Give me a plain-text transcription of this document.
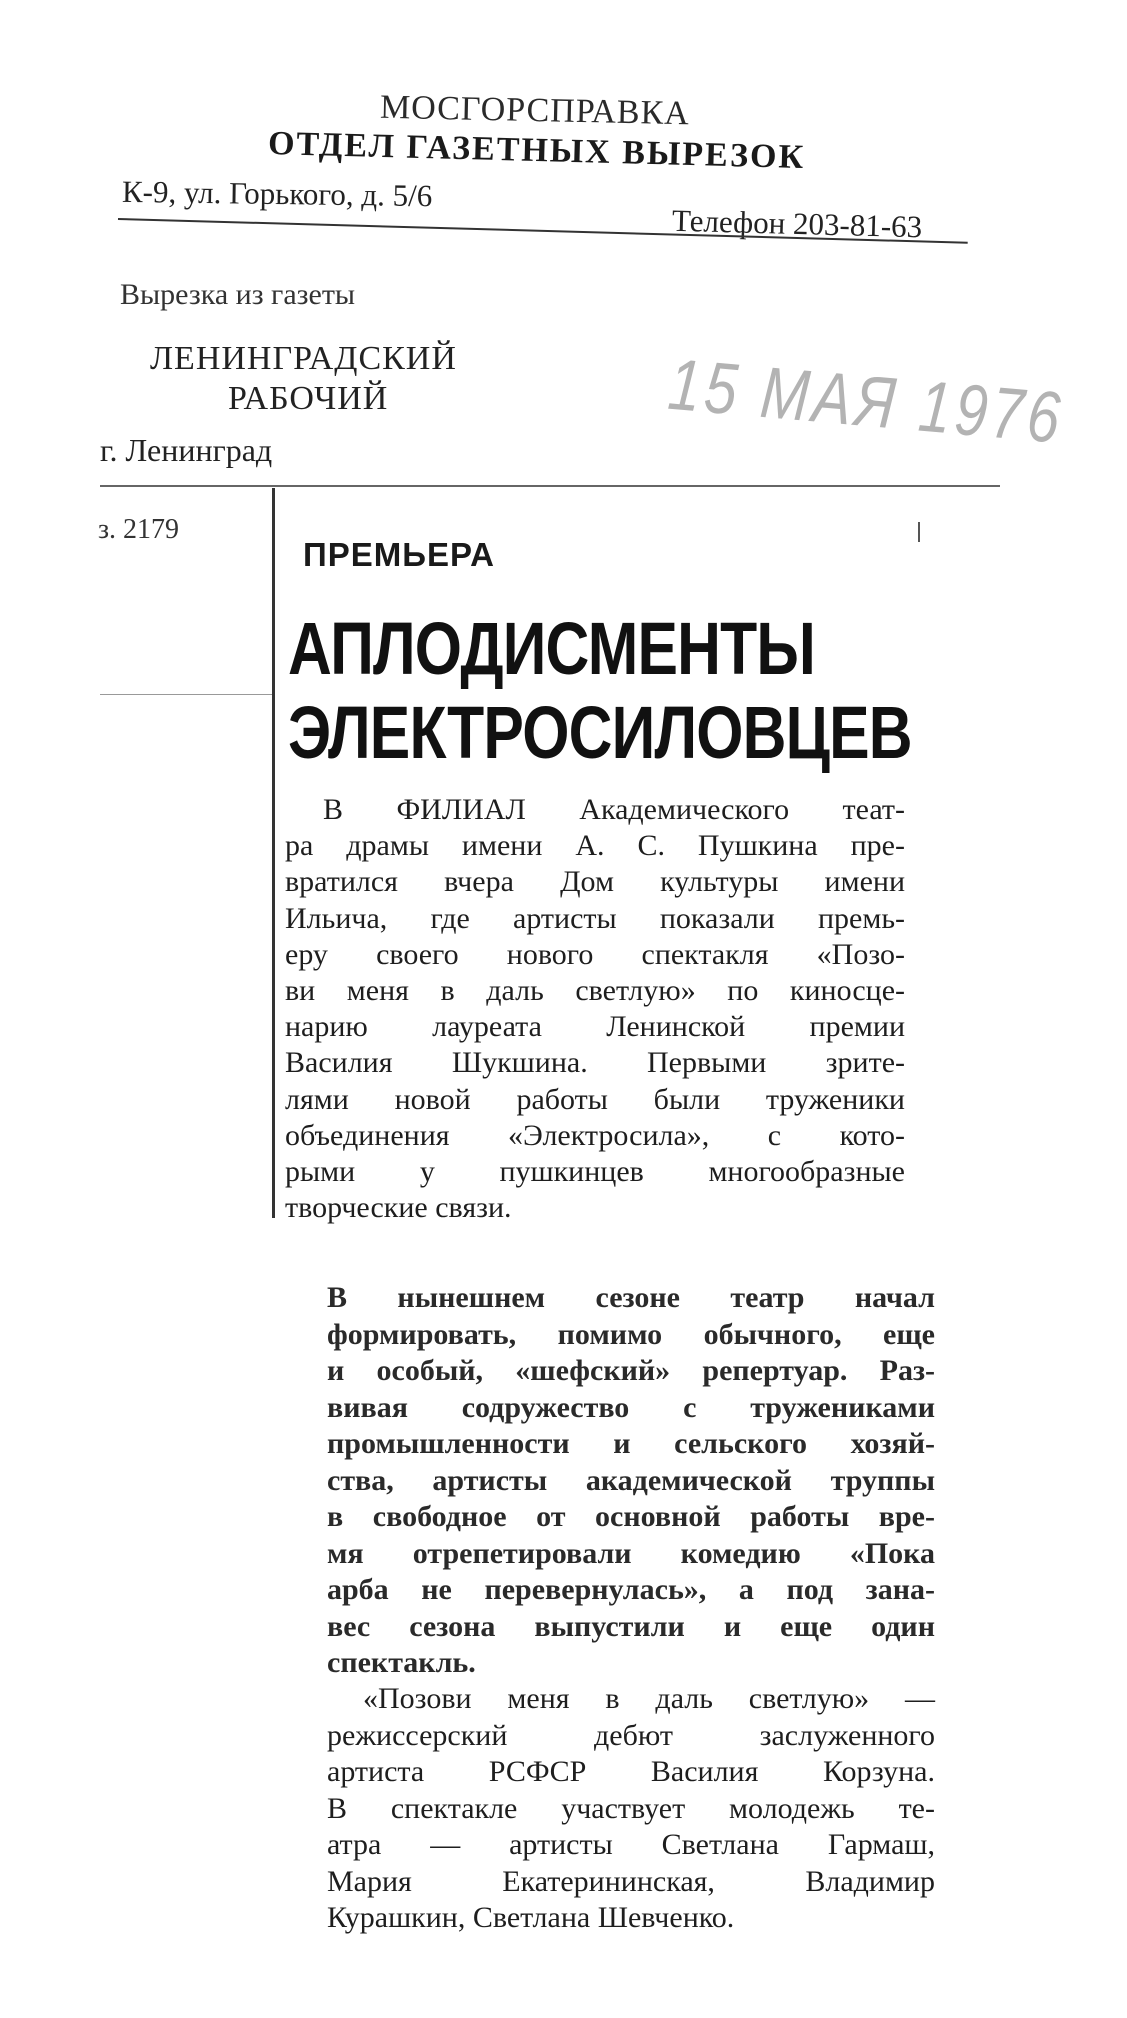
МОСГОРСПРАВКА
ОТДЕЛ ГАЗЕТНЫХ ВЫРЕЗОК
К-9, ул. Горького, д. 5/6
Телефон 203-81-63
Вырезка из газеты
ЛЕНИНГРАДСКИЙ
РАБОЧИЙ
г. Ленинград	15 МАЯ 1976
з. 2179
ПРЕМЬЕРА
АПЛОДИСМЕНТЫ
ЭЛЕКТРОСИЛОВЦЕВ
В ФИЛИАЛ Академического теат-
ра драмы имени А. С. Пушкина пре-
вратился вчера Дом культуры имени
Ильича, где артисты показали премь-
еру своего нового спектакля «Позо-
ви меня в даль светлую» по киносце-
нарию лауреата Ленинской премии
Василия Шукшина. Первыми зрите-
лями новой работы были труженики
объединения «Электросила», с кото-
рыми у пушкинцев многообразные
творческие связи.
В нынешнем сезоне театр начал
формировать, помимо обычного, еще
и особый, «шефский» репертуар. Раз-
вивая содружество с тружениками
промышленности и сельского хозяй-
ства, артисты академической труппы
в свободное от основной работы вре-
мя отрепетировали комедию «Пока
арба не перевернулась», а под зана-
вес сезона выпустили и еще один
спектакль.
«Позови меня в даль светлую» —
режиссерский дебют заслуженного
артиста РСФСР Василия Корзуна.
В спектакле участвует молодежь те-
атра — артисты Светлана Гармаш,
Мария Екатерининская, Владимир
Курашкин, Светлана Шевченко.
